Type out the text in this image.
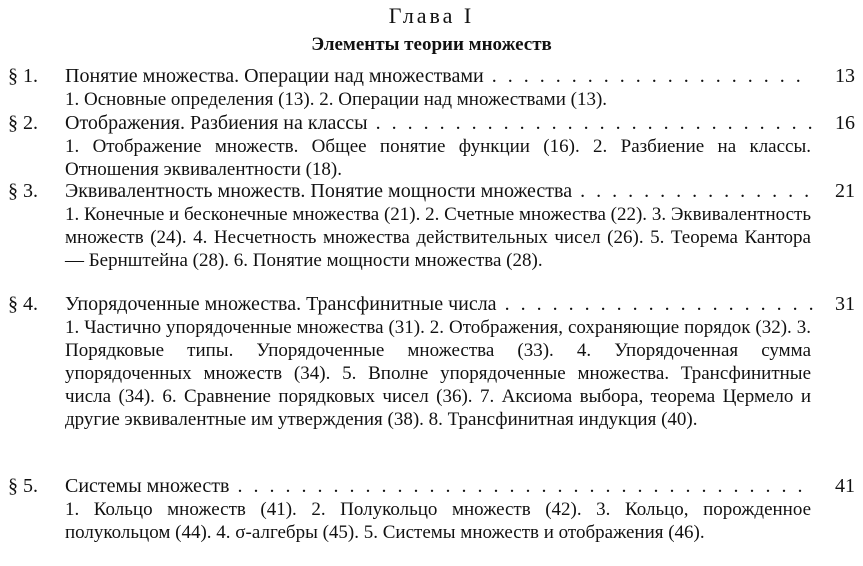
Глава I
Элементы теории множеств
§ 1. Понятие множества. Операции над множествами . . .	13
1. Основные определения (13). 2. Операции над множествами (13).
§ 2. Отображения. Разбиения на классы . . .	16
1. Отображение множеств. Общее понятие функции (16). 2. Разбиение на классы. Отношения эквивалентности (18).
§ 3. Эквивалентность множеств. Понятие мощности множества . . .	21
1. Конечные и бесконечные множества (21). 2. Счетные множества (22). 3. Эквивалентность множеств (24). 4. Несчетность множества действительных чисел (26). 5. Теорема Кантора — Бернштейна (28). 6. Понятие мощности множества (28).
§ 4. Упорядоченные множества. Трансфинитные числа . . .	31
1. Частично упорядоченные множества (31). 2. Отображения, сохраняющие порядок (32). 3. Порядковые типы. Упорядоченные множества (33). 4. Упорядоченная сумма упорядоченных множеств (34). 5. Вполне упорядоченные множества. Трансфинитные числа (34). 6. Сравнение порядковых чисел (36). 7. Аксиома выбора, теорема Цермело и другие эквивалентные им утверждения (38). 8. Трансфинитная индукция (40).
§ 5. Системы множеств . . .	41
1. Кольцо множеств (41). 2. Полукольцо множеств (42). 3. Кольцо, порожденное полукольцом (44). 4. σ-алгебры (45). 5. Системы множеств и отображения (46).
